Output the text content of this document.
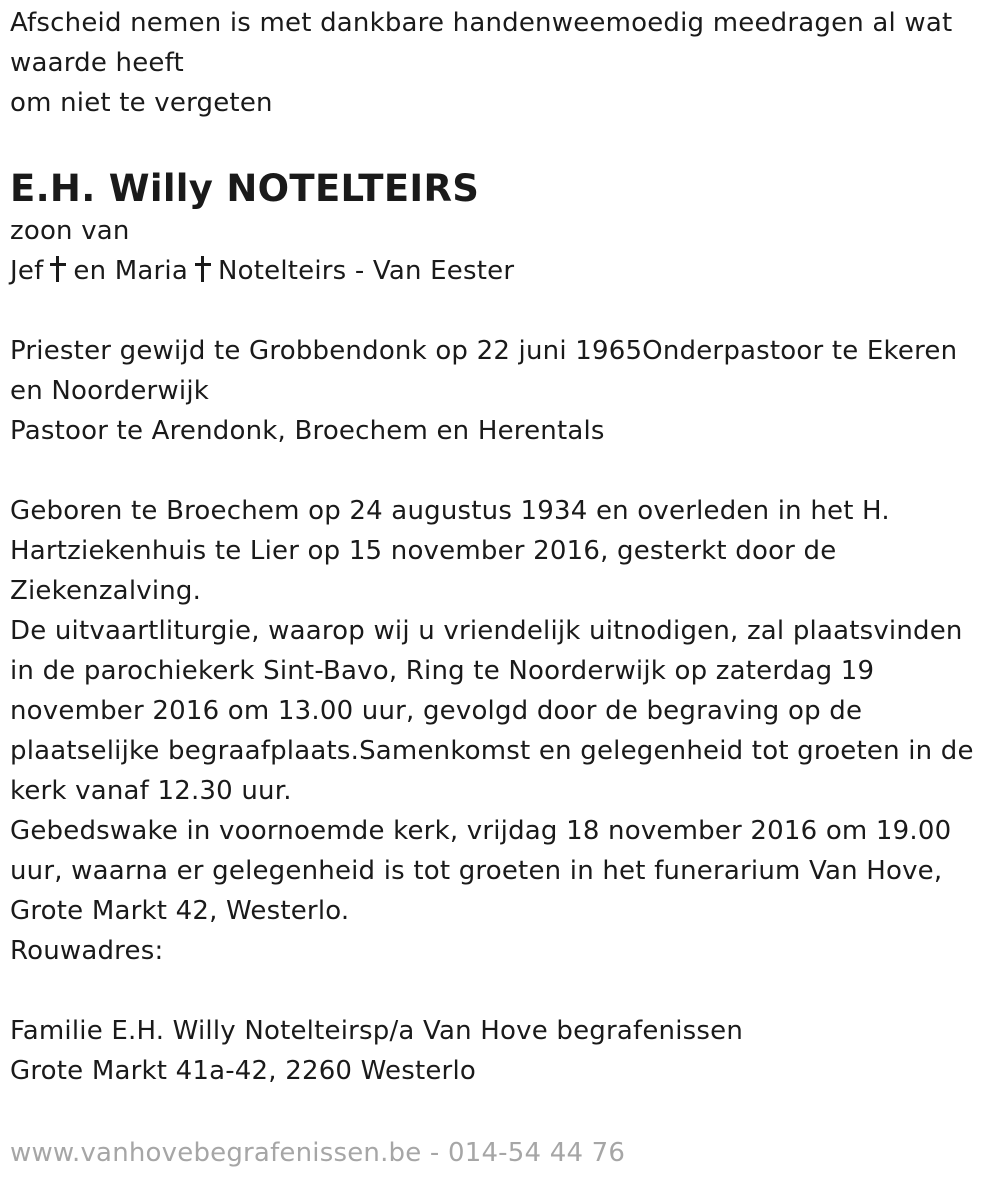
Afscheid nemen is met dankbare handenweemoedig meedragen al wat
waarde heeft
om niet te vergeten
E.H. Willy NOTELTEIRS
zoon van
Jef en Maria Notelteirs - Van Eester
Priester gewijd te Grobbendonk op 22 juni 1965Onderpastoor te Ekeren
en Noorderwijk
Pastoor te Arendonk, Broechem en Herentals
Geboren te Broechem op 24 augustus 1934 en overleden in het H.
Hartziekenhuis te Lier op 15 november 2016, gesterkt door de
Ziekenzalving.
De uitvaartliturgie, waarop wij u vriendelijk uitnodigen, zal plaatsvinden
in de parochiekerk Sint-Bavo, Ring te Noorderwijk op zaterdag 19
november 2016 om 13.00 uur, gevolgd door de begraving op de
plaatselijke begraafplaats.Samenkomst en gelegenheid tot groeten in de
kerk vanaf 12.30 uur.
Gebedswake in voornoemde kerk, vrijdag 18 november 2016 om 19.00
uur, waarna er gelegenheid is tot groeten in het funerarium Van Hove,
Grote Markt 42, Westerlo.
Rouwadres:
Familie E.H. Willy Notelteirsp/a Van Hove begrafenissen
Grote Markt 41a-42, 2260 Westerlo
www.vanhovebegrafenissen.be - 014-54 44 76
